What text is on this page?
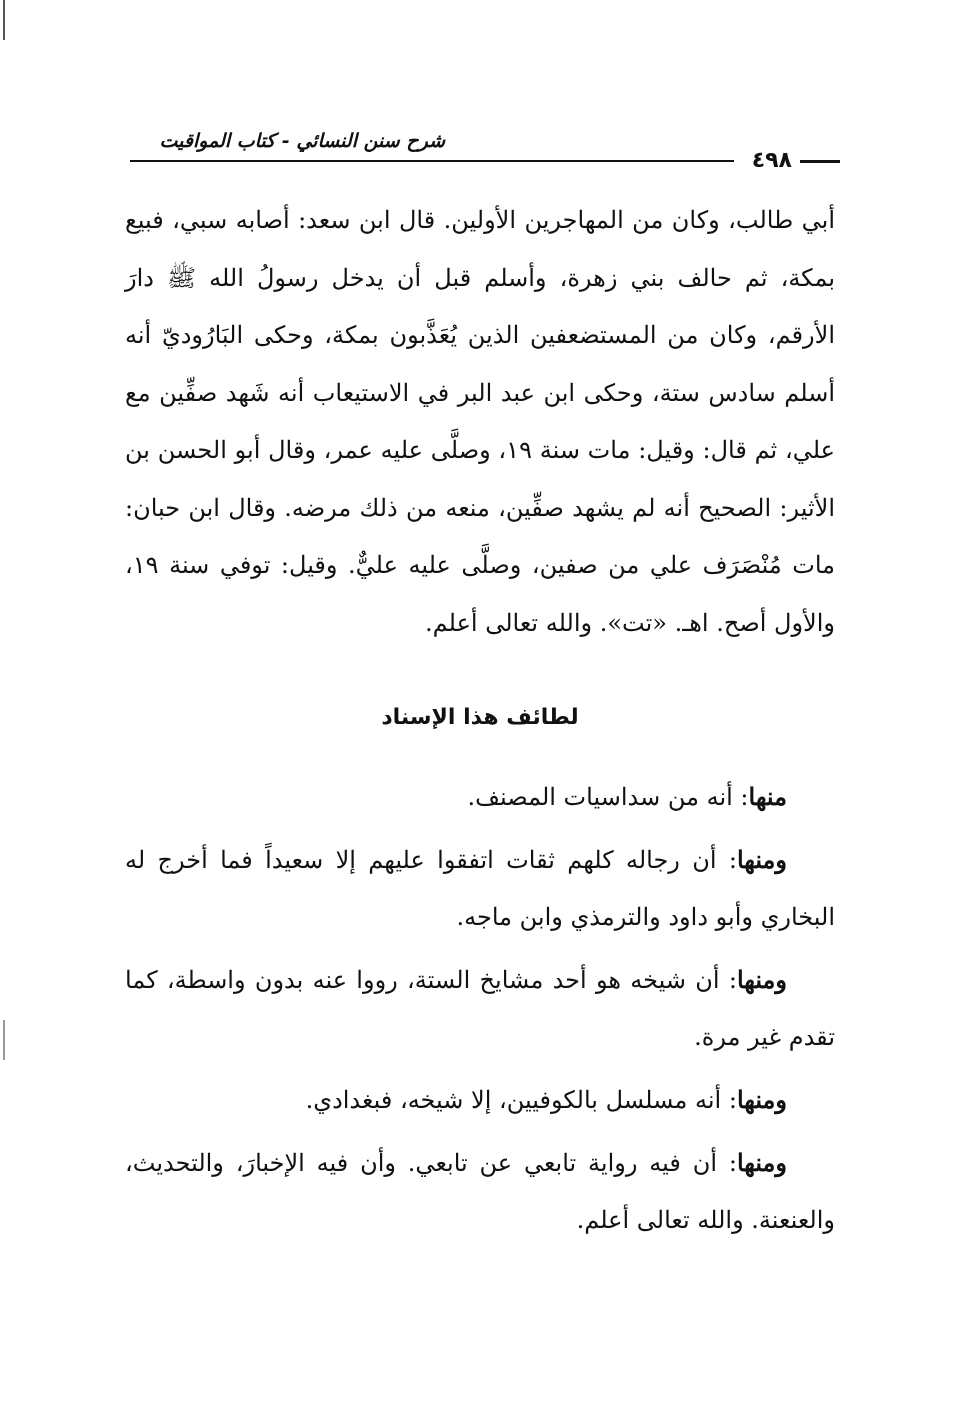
شرح سنن النسائي - كتاب المواقيت
٤٩٨

أبي طالب، وكان من المهاجرين الأولين. قال ابن سعد: أصابه سبي، فبيع بمكة، ثم حالف بني زهرة، وأسلم قبل أن يدخل رسولُ الله ﷺ دارَ الأرقم، وكان من المستضعفين الذين يُعَذَّبون بمكة، وحكى البَارُوديّ أنه أسلم سادس ستة، وحكى ابن عبد البر في الاستيعاب أنه شَهد صفِّين مع علي، ثم قال: وقيل: مات سنة ١٩، وصلَّى عليه عمر، وقال أبو الحسن بن الأثير: الصحيح أنه لم يشهد صفِّين، منعه من ذلك مرضه. وقال ابن حبان: مات مُنْصَرَف علي من صفين، وصلَّى عليه عليٌّ. وقيل: توفي سنة ١٩، والأول أصح. اهـ. «تت». والله تعالى أعلم.

لطائف هذا الإسناد

منها: أنه من سداسيات المصنف.

ومنها: أن رجاله كلهم ثقات اتفقوا عليهم إلا سعيداً فما أخرج له البخاري وأبو داود والترمذي وابن ماجه.

ومنها: أن شيخه هو أحد مشايخ الستة، رووا عنه بدون واسطة، كما تقدم غير مرة.

ومنها: أنه مسلسل بالكوفيين، إلا شيخه، فبغدادي.

ومنها: أن فيه رواية تابعي عن تابعي. وأن فيه الإخبارَ، والتحديث، والعنعنة. والله تعالى أعلم.
